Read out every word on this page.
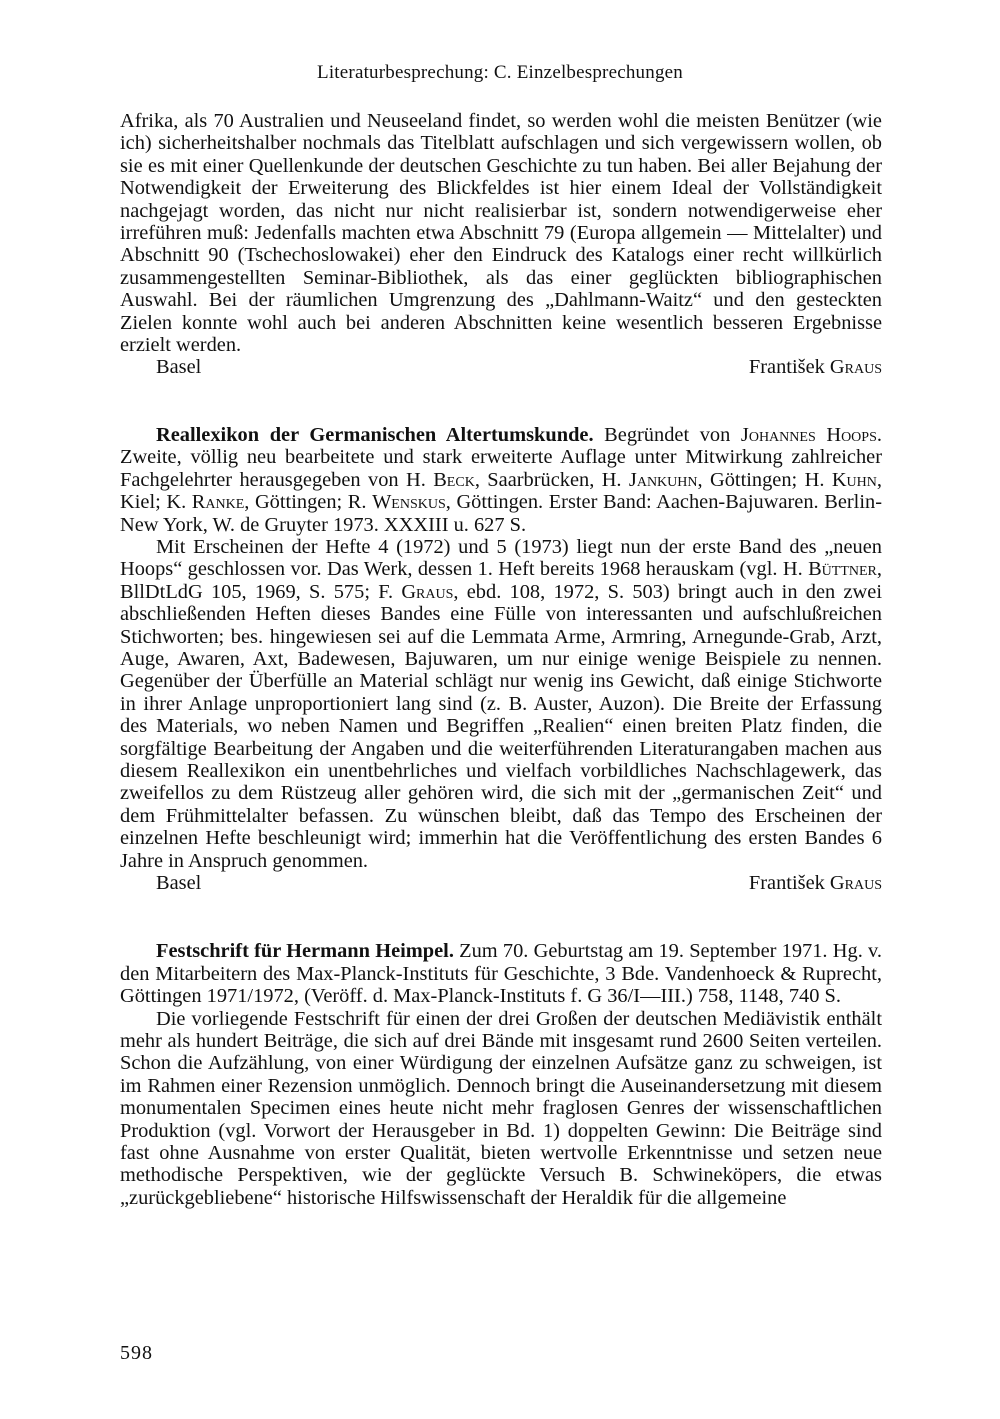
Literaturbesprechung: C. Einzelbesprechungen

Afrika, als 70 Australien und Neuseeland findet, so werden wohl die meisten Benützer (wie ich) sicherheitshalber nochmals das Titelblatt aufschlagen und sich vergewissern wollen, ob sie es mit einer Quellenkunde der deutschen Geschichte zu tun haben. Bei aller Bejahung der Notwendigkeit der Erweiterung des Blickfeldes ist hier einem Ideal der Vollständigkeit nachgejagt worden, das nicht nur nicht realisierbar ist, sondern notwendigerweise eher irreführen muß: Jedenfalls machten etwa Abschnitt 79 (Europa allgemein — Mittelalter) und Abschnitt 90 (Tschechoslowakei) eher den Eindruck des Katalogs einer recht willkürlich zusammengestellten Seminar-Bibliothek, als das einer geglückten bibliographischen Auswahl. Bei der räumlichen Umgrenzung des „Dahlmann-Waitz“ und den gesteckten Zielen konnte wohl auch bei anderen Abschnitten keine wesentlich besseren Ergebnisse erzielt werden.

Basel	František Graus

Reallexikon der Germanischen Altertumskunde. Begründet von Johannes Hoops. Zweite, völlig neu bearbeitete und stark erweiterte Auflage unter Mitwirkung zahlreicher Fachgelehrter herausgegeben von H. Beck, Saarbrücken, H. Jankuhn, Göttingen; H. Kuhn, Kiel; K. Ranke, Göttingen; R. Wenskus, Göttingen. Erster Band: Aachen-Bajuwaren. Berlin-New York, W. de Gruyter 1973. XXXIII u. 627 S.

Mit Erscheinen der Hefte 4 (1972) und 5 (1973) liegt nun der erste Band des „neuen Hoops“ geschlossen vor. Das Werk, dessen 1. Heft bereits 1968 herauskam (vgl. H. Büttner, BllDtLdG 105, 1969, S. 575; F. Graus, ebd. 108, 1972, S. 503) bringt auch in den zwei abschließenden Heften dieses Bandes eine Fülle von interessanten und aufschlußreichen Stichworten; bes. hingewiesen sei auf die Lemmata Arme, Armring, Arnegunde-Grab, Arzt, Auge, Awaren, Axt, Badewesen, Bajuwaren, um nur einige wenige Beispiele zu nennen. Gegenüber der Überfülle an Material schlägt nur wenig ins Gewicht, daß einige Stichworte in ihrer Anlage unproportioniert lang sind (z. B. Auster, Auzon). Die Breite der Erfassung des Materials, wo neben Namen und Begriffen „Realien“ einen breiten Platz finden, die sorgfältige Bearbeitung der Angaben und die weiterführenden Literaturangaben machen aus diesem Reallexikon ein unentbehrliches und vielfach vorbildliches Nachschlagewerk, das zweifellos zu dem Rüstzeug aller gehören wird, die sich mit der „germanischen Zeit“ und dem Frühmittelalter befassen. Zu wünschen bleibt, daß das Tempo des Erscheinen der einzelnen Hefte beschleunigt wird; immerhin hat die Veröffentlichung des ersten Bandes 6 Jahre in Anspruch genommen.

Basel	František Graus

Festschrift für Hermann Heimpel. Zum 70. Geburtstag am 19. September 1971. Hg. v. den Mitarbeitern des Max-Planck-Instituts für Geschichte, 3 Bde. Vandenhoeck & Ruprecht, Göttingen 1971/1972, (Veröff. d. Max-Planck-Instituts f. G 36/I—III.) 758, 1148, 740 S.

Die vorliegende Festschrift für einen der drei Großen der deutschen Mediävistik enthält mehr als hundert Beiträge, die sich auf drei Bände mit insgesamt rund 2600 Seiten verteilen. Schon die Aufzählung, von einer Würdigung der einzelnen Aufsätze ganz zu schweigen, ist im Rahmen einer Rezension unmöglich. Dennoch bringt die Auseinandersetzung mit diesem monumentalen Specimen eines heute nicht mehr fraglosen Genres der wissenschaftlichen Produktion (vgl. Vorwort der Herausgeber in Bd. 1) doppelten Gewinn: Die Beiträge sind fast ohne Ausnahme von erster Qualität, bieten wertvolle Erkenntnisse und setzen neue methodische Perspektiven, wie der geglückte Versuch B. Schwineköpers, die etwas „zurückgebliebene“ historische Hilfswissenschaft der Heraldik für die allgemeine

598
